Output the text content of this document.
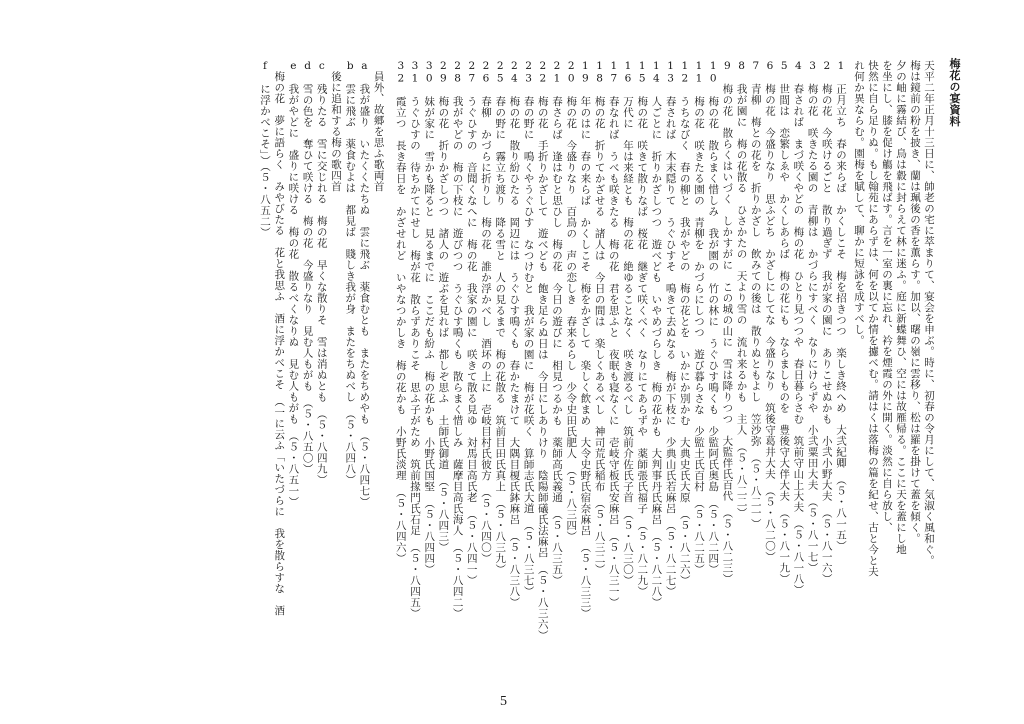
梅花の宴資料
天平二年正月十三日に、帥老の宅に萃まりて、宴会を申ぶ。時に、初春の令月にして、気淑く風和ぐ。
梅は鏡前の粉を披き、蘭は珮後の香を薫らす。加以、曙の嶺に雲移り、松は羅を掛けて蓋を傾く。
夕の岫に霧結び、鳥は縠に封らえて林に迷ふ。庭に新蝶舞ひ、空には故雁帰る。ここに天を蓋にし地
を坐にし、膝を促け觴を飛ばす。言を一室の裏に忘れ、衿を煙霞の外に開く。淡然に自ら放し、
快然に自ら足りぬ。もし翰苑にあらずは、何を以てか情を攄べむ。請はくは落梅の篇を紀せ、古と今と夫
れ何か異ならむ。園梅を賦して、聊かに短詠を成すべし。
1　正月立ち　春の来らば　かくしこそ　梅を招きつつ　楽しき終へめ　大弐紀卿　（５・八一五）
2　梅の花　今咲けるごと　散り過ぎず　我が家の園に　ありこせぬかも　小弐小野大夫　（５・八一六）
3　梅の花　咲きたる園の　青柳は　かづらにすべく　なりにけらずや　小弐粟田大夫　（５・八一七）
4　春されば　まづ咲くやどの　梅の花　ひとり見つつや　春日暮らさむ　筑前守山上大夫　（５・八一八）
5　世間は　恋繁しゑや　かくしあらば　梅の花にも　ならましものを　豊後守大伴大夫　（５・八一九）
6　梅の花　今盛りなり　思ふどち　かざしにしてな　今盛りなり　筑後守葛井大夫　（５・八二〇）
7　青柳　梅との花を　折りかざし　飲みての後は　散りぬともよし　笠沙弥　（５・八二一）
8　我が園に　梅の花散る　ひさかたの　天より雪の　流れ来るかも　主人　（５・八二二）
9　梅の花　散らくはいづく　しかすがに　この城の山に　雪は降りつつ　大監伴氏百代　（５・八二三）
10　梅の花　散らまく惜しみ　我が園の　竹の林に　うぐひす鳴くも　少監阿氏奥島　（５・八二四）
11　梅の花　咲きたる園の　青柳を　かづらにしつつ　遊び暮らさな　少監土氏百村　（５・八二五）
12　うちなびく　春の柳と　我がやどの　梅の花とを　いかにか別かむ　大典史氏大原　（５・八二六）
13　春されば　木末隠りて　うぐひすそ　鳴きて去ぬなる　梅が下枝に　少典山氏若麻呂　（５・八二七）
14　人ごとに　折りかざしつつ　遊べども　いやめづらしき　梅の花かも　大判事丹氏麻呂　（５・八二八）
15　梅の花　咲きて散りなば　桜花　継ぎて咲くべく　なりにてあらずや　薬師張氏福子　（５・八二九）
16　万代に　年は来経とも　梅の花　絶ゆることなく　咲き渡るべし　筑前介佐氏子首　（５・八三〇）
17　春なれば　うべも咲きたる　梅の花　君を思ふと　夜眠も寝なくに　壱岐守板氏安麻呂　（５・八三一）
18　梅の花　折りてかざせる　諸人は　今日の間は　楽しくあるべし　神司荒氏稲布　（５・八三二）
19　年のはに　春の来らば　かくしこそ　梅をかざして　楽しく飲まめ　大令史野氏宿奈麻呂　（５・八三三）
20　梅の花　今盛りなり　百鳥の　声の恋しき　春来るらし　少令史田氏肥人　（５・八三四）
21　春さらば　逢はむと思ひし　梅の花　今日の遊びに　相見つるかも　薬師高氏義通　（５・八三五）
22　梅の花　手折りかざして　遊べども　飽き足らぬ日は　今日にしありけり　陰陽師礒氏法麻呂　（５・八三六）
23　春の野に　鳴くやうぐひす　なつけむと　我が家の園に　梅が花咲く　算師志氏大道　（５・八三七）
24　梅の花　散り紛ひたる　岡辺には　うぐひす鳴くも　春かたまけて　大隅目榎氏鉢麻呂　（５・八三八）
25　春の野に　霧立ち渡り　降る雪と　人の見るまで　梅の花散る　筑前目田氏真上　（５・八三九）
26　春柳　かづらに折りし　梅の花　誰か浮かべし　酒坏の上に　壱岐目村氏彼方　（５・八四〇）
27　うぐひすの　音聞くなへに　梅の花　我家の園に　咲きて散る見ゆ　対馬目高氏老　（５・八四一）
28　我がやどの　梅の下枝に　遊びつつ　うぐひす鳴くも　散らまく惜しみ　薩摩目高氏海人　（５・八四二）
29　梅の花　折りかざしつつ　諸人の　遊ぶを見れば　都しぞ思ふ　土師氏御道　（５・八四三）
30　妹が家に　雪かも降ると　見るまでに　ここだも紛ふ　梅の花かも　小野氏国堅　（５・八四四）
31　うぐひすの　待ちかてにせし　梅が花　散らずありこそ　思ふ子がため　筑前掾門氏石足　（５・八四五）
32　霞立つ　長き春日を　かざせれど　いやなつかしき　梅の花かも　小野氏淡理　（５・八四六）
　員外、故郷を思ふ歌両首
a　我が盛り　いたくくたちぬ　雲に飛ぶ　薬食むとも　またをちめやも　（５・八四七）
b　雲に飛ぶ　薬食むよは　都見ば　賤しき我が身　またをちぬべし　（５・八四八）
　後に追和する梅の歌四首
c　残りたる　雪に交じれる　梅の花　早くな散りそ　雪は消ぬとも　（５・八四九）
d　雪の色を　奪ひて咲ける　梅の花　今盛りなり　見む人もがも　（５・八五〇）
e　我がやどに　盛りに咲ける　梅の花　散るべくなりぬ　見む人もがも　（５・八五一）
　梅の花　夢に語らく　みやびたる　花と我思ふ　酒に浮かべこそ　（一に云ふ「いたづらに　我を散らすな　酒
f　に浮かべこそ」）（５・八五二）
5
